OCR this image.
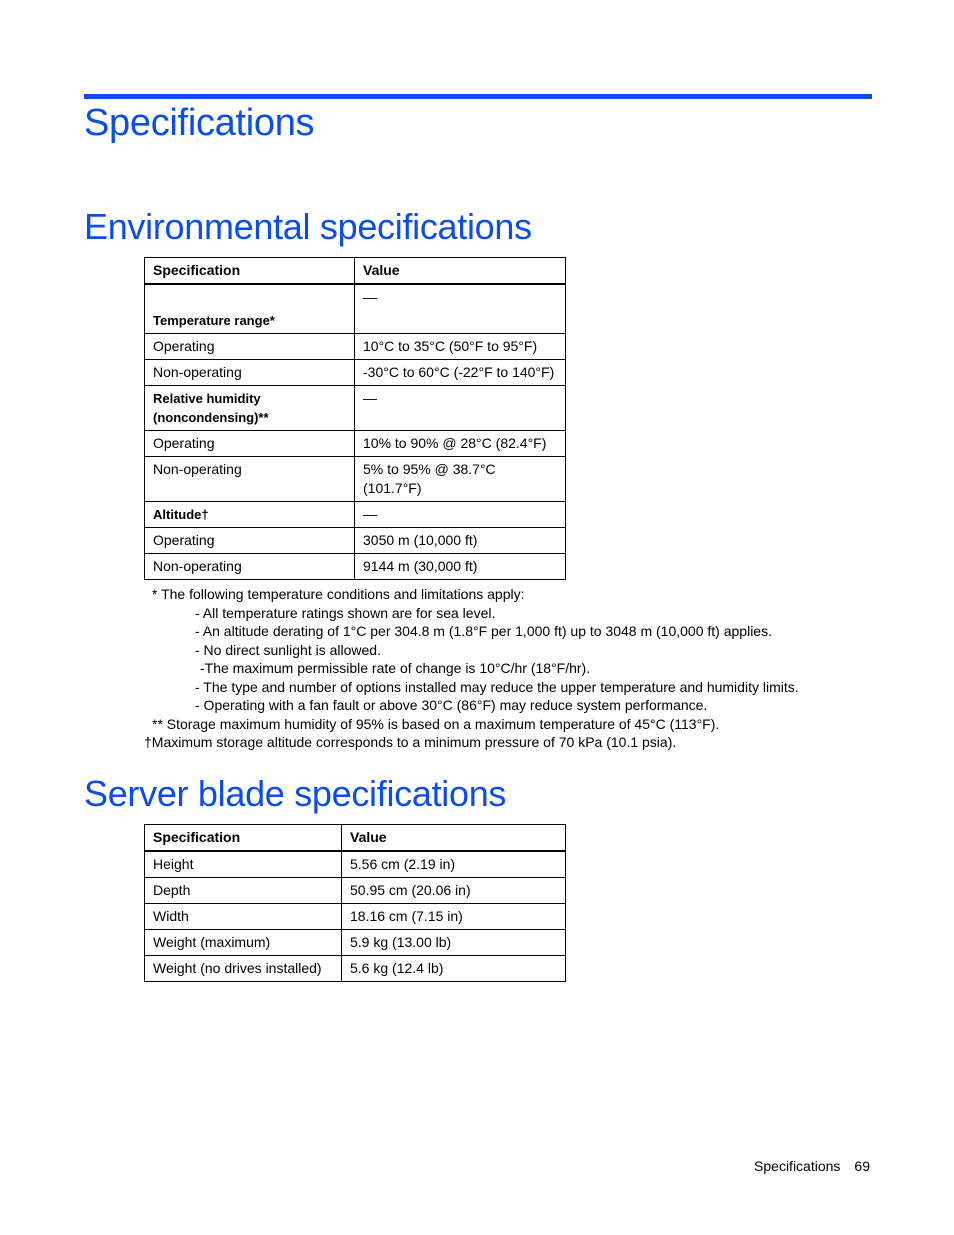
Specifications
Environmental specifications
Specification	Value
Temperature range*	—
Operating	10°C to 35°C (50°F to 95°F)
Non-operating	-30°C to 60°C (-22°F to 140°F)
Relative humidity (noncondensing)**	—
Operating	10% to 90% @ 28°C (82.4°F)
Non-operating	5% to 95% @ 38.7°C (101.7°F)
Altitude†	—
Operating	3050 m (10,000 ft)
Non-operating	9144 m (30,000 ft)
* The following temperature conditions and limitations apply:
- All temperature ratings shown are for sea level.
- An altitude derating of 1°C per 304.8 m (1.8°F per 1,000 ft) up to 3048 m (10,000 ft) applies.
- No direct sunlight is allowed.
-The maximum permissible rate of change is 10°C/hr (18°F/hr).
- The type and number of options installed may reduce the upper temperature and humidity limits.
- Operating with a fan fault or above 30°C (86°F) may reduce system performance.
** Storage maximum humidity of 95% is based on a maximum temperature of 45°C (113°F).
†Maximum storage altitude corresponds to a minimum pressure of 70 kPa (10.1 psia).
Server blade specifications
Specification	Value
Height	5.56 cm (2.19 in)
Depth	50.95 cm (20.06 in)
Width	18.16 cm (7.15 in)
Weight (maximum)	5.9 kg (13.00 lb)
Weight (no drives installed)	5.6 kg (12.4 lb)
Specifications 69
